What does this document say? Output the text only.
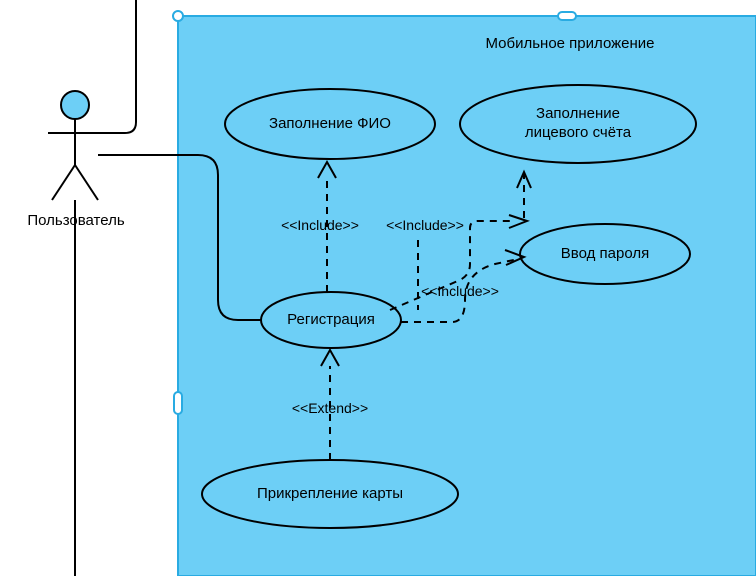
Мобильное приложение
Пользователь
Заполнение ФИО
Заполнение
лицевого счёта
Ввод пароля
Регистрация
Прикрепление карты
<<Include>>	<<Include>>
<<Include>>
<<Extend>>
